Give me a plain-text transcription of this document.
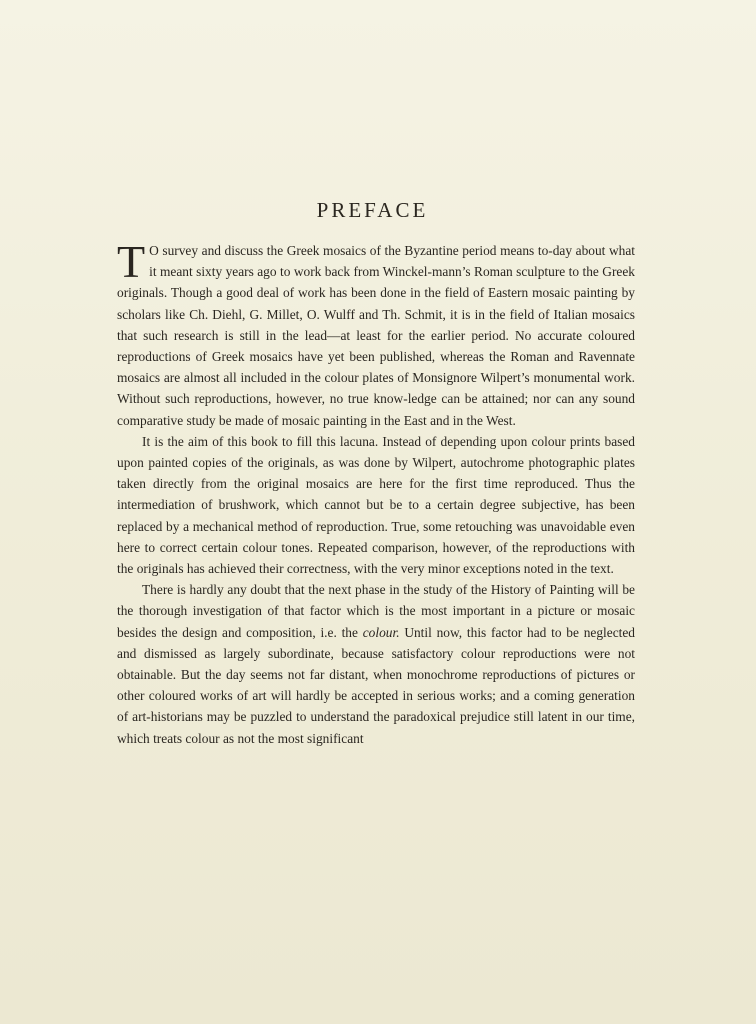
PREFACE

T O survey and discuss the Greek mosaics of the Byzantine period means to-day about what it meant sixty years ago to work back from Winckel-mann’s Roman sculpture to the Greek originals. Though a good deal of work has been done in the field of Eastern mosaic painting by scholars like Ch. Diehl, G. Millet, O. Wulff and Th. Schmit, it is in the field of Italian mosaics that such research is still in the lead—at least for the earlier period. No accurate coloured reproductions of Greek mosaics have yet been published, whereas the Roman and Ravennate mosaics are almost all included in the colour plates of Monsignore Wilpert’s monumental work. Without such reproductions, however, no true know-ledge can be attained; nor can any sound comparative study be made of mosaic painting in the East and in the West.

It is the aim of this book to fill this lacuna. Instead of depending upon colour prints based upon painted copies of the originals, as was done by Wilpert, autochrome photographic plates taken directly from the original mosaics are here for the first time reproduced. Thus the intermediation of brushwork, which cannot but be to a certain degree subjective, has been replaced by a mechanical method of reproduction. True, some retouching was unavoidable even here to correct certain colour tones. Repeated comparison, however, of the reproductions with the originals has achieved their correctness, with the very minor exceptions noted in the text.

There is hardly any doubt that the next phase in the study of the History of Painting will be the thorough investigation of that factor which is the most important in a picture or mosaic besides the design and composition, i.e. the colour. Until now, this factor had to be neglected and dismissed as largely subordinate, because satisfactory colour reproductions were not obtainable. But the day seems not far distant, when monochrome reproductions of pictures or other coloured works of art will hardly be accepted in serious works; and a coming generation of art-historians may be puzzled to understand the paradoxical prejudice still latent in our time, which treats colour as not the most significant
